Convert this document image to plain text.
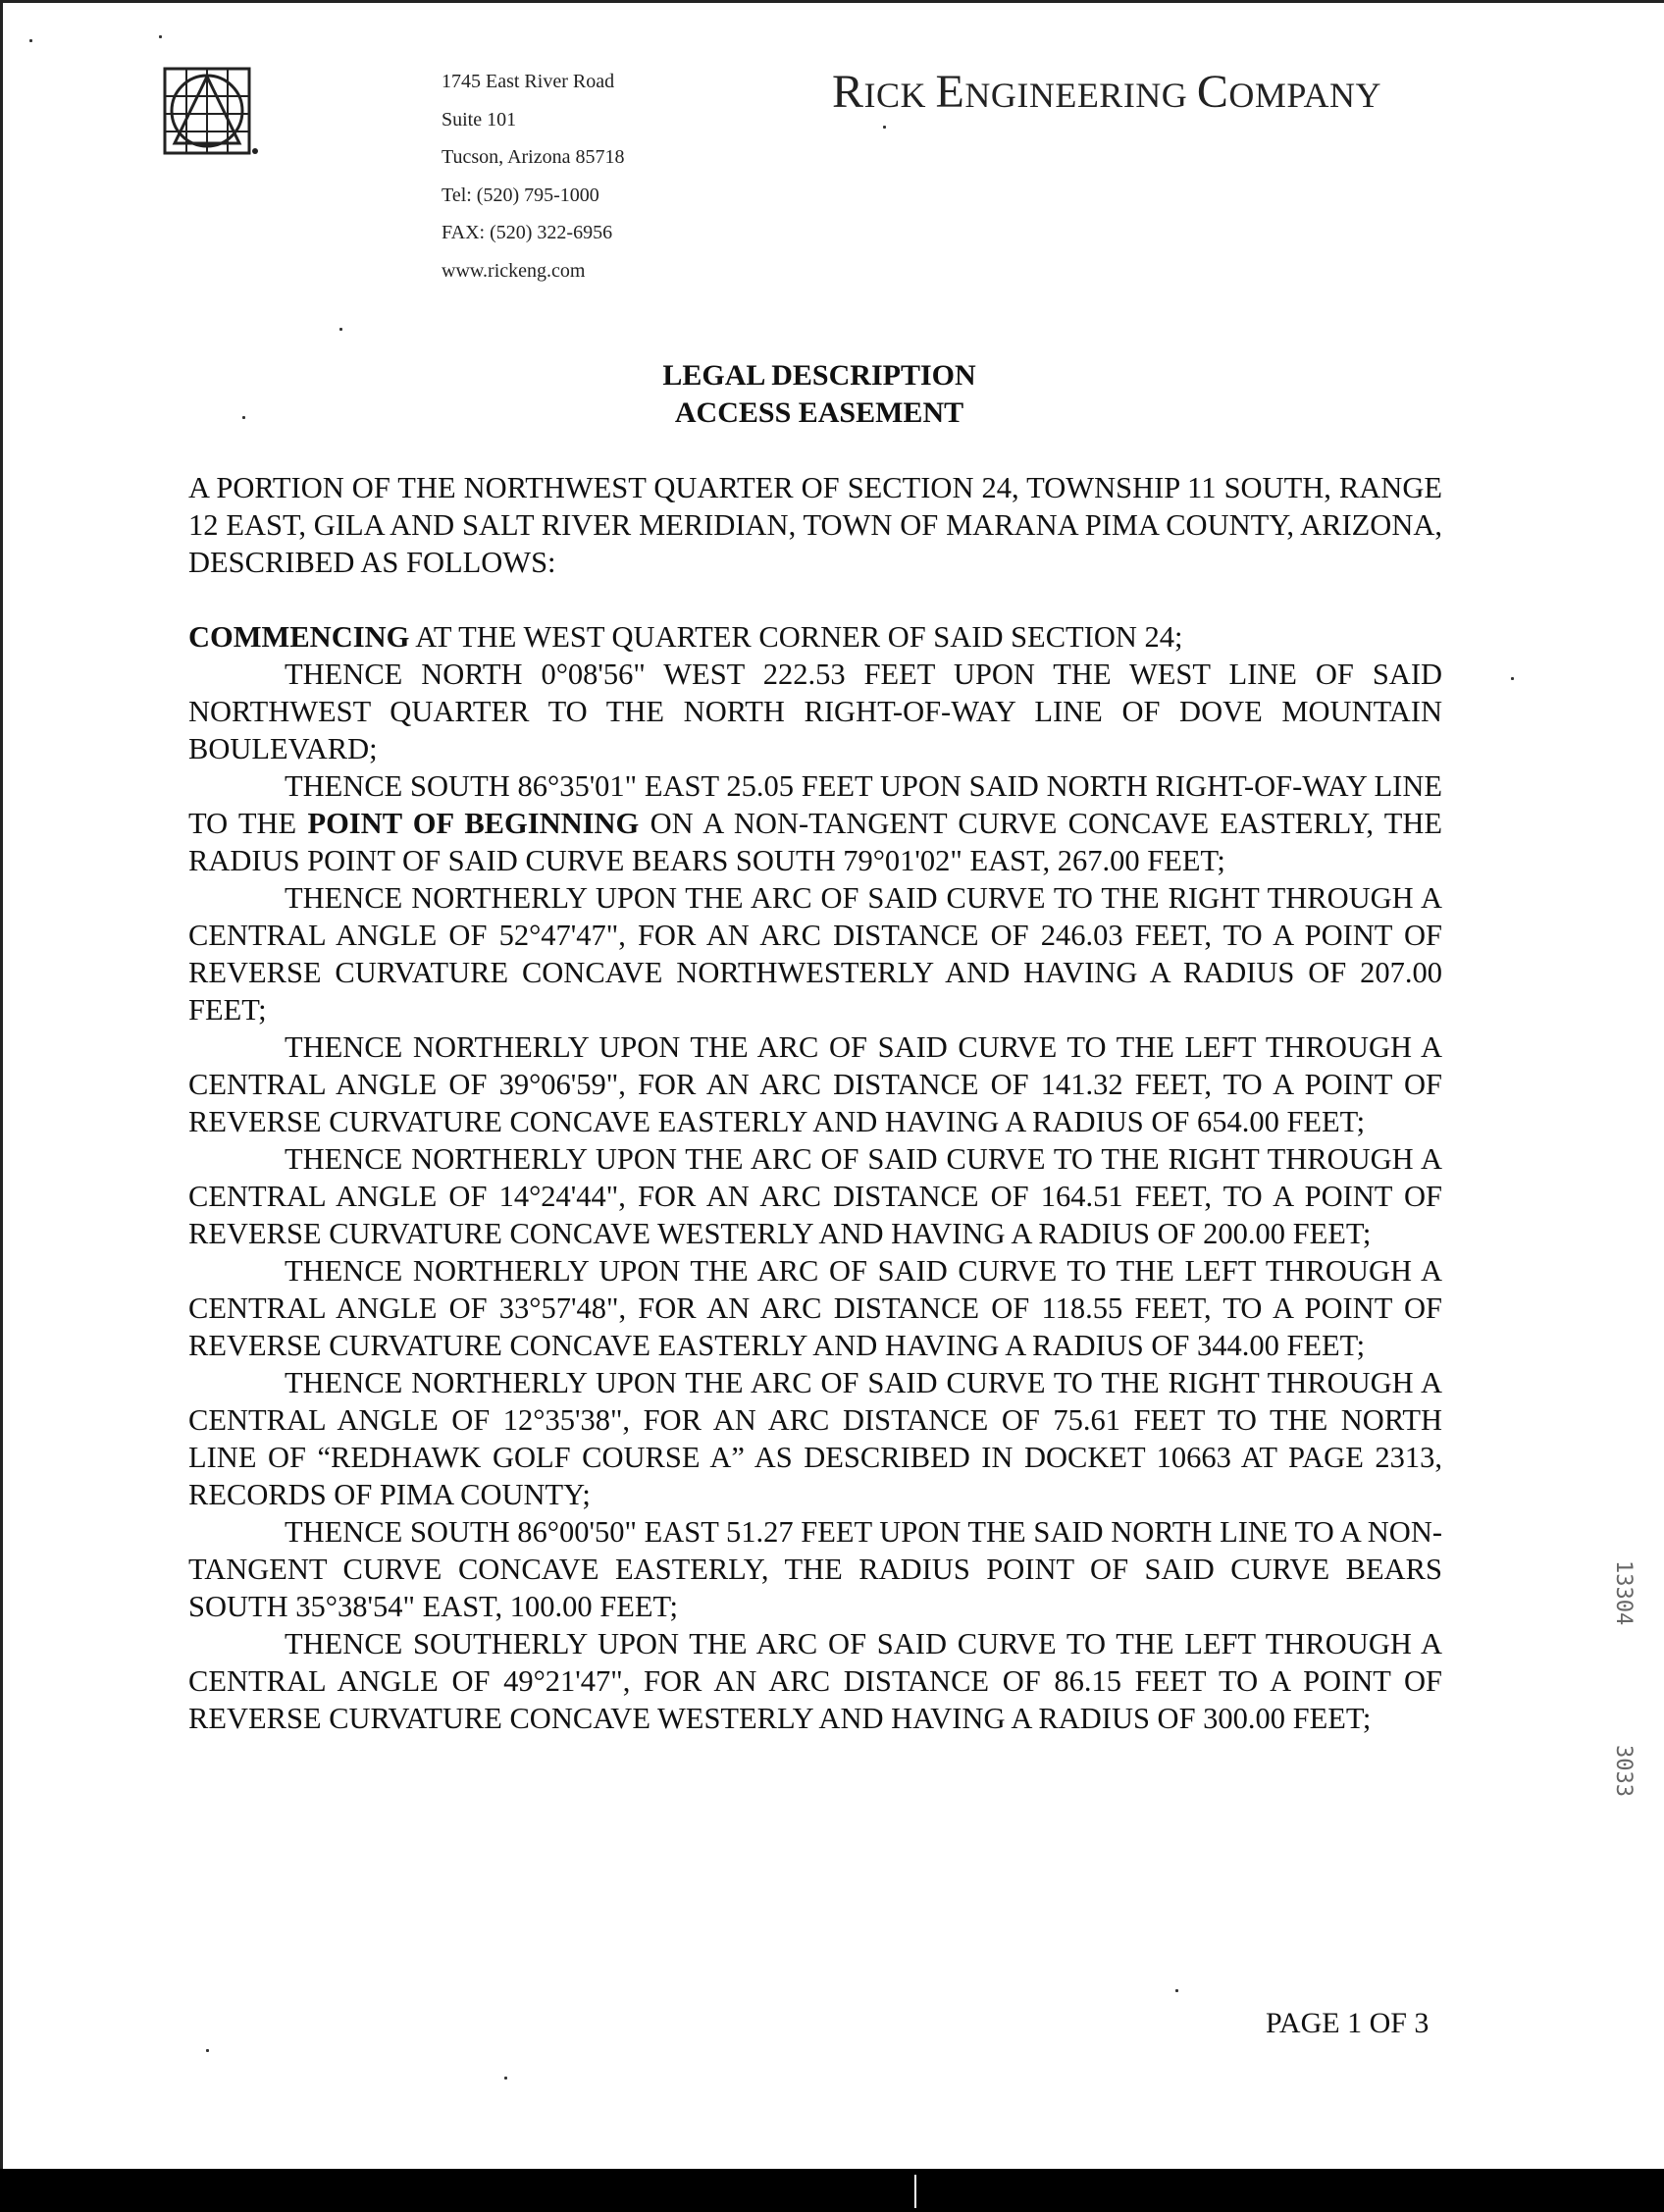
1745 East River Road
Suite 101
Tucson, Arizona 85718
Tel: (520) 795-1000
FAX: (520) 322-6956
www.rickeng.com
RICK ENGINEERING COMPANY
LEGAL DESCRIPTION
ACCESS EASEMENT

A PORTION OF THE NORTHWEST QUARTER OF SECTION 24, TOWNSHIP 11 SOUTH, RANGE 12 EAST, GILA AND SALT RIVER MERIDIAN, TOWN OF MARANA PIMA COUNTY, ARIZONA, DESCRIBED AS FOLLOWS:

COMMENCING AT THE WEST QUARTER CORNER OF SAID SECTION 24;

THENCE NORTH 0°08'56" WEST 222.53 FEET UPON THE WEST LINE OF SAID NORTHWEST QUARTER TO THE NORTH RIGHT-OF-WAY LINE OF DOVE MOUNTAIN BOULEVARD;

THENCE SOUTH 86°35'01" EAST 25.05 FEET UPON SAID NORTH RIGHT-OF-WAY LINE TO THE POINT OF BEGINNING ON A NON-TANGENT CURVE CONCAVE EASTERLY, THE RADIUS POINT OF SAID CURVE BEARS SOUTH 79°01'02" EAST, 267.00 FEET;

THENCE NORTHERLY UPON THE ARC OF SAID CURVE TO THE RIGHT THROUGH A CENTRAL ANGLE OF 52°47'47", FOR AN ARC DISTANCE OF 246.03 FEET, TO A POINT OF REVERSE CURVATURE CONCAVE NORTHWESTERLY AND HAVING A RADIUS OF 207.00 FEET;

THENCE NORTHERLY UPON THE ARC OF SAID CURVE TO THE LEFT THROUGH A CENTRAL ANGLE OF 39°06'59", FOR AN ARC DISTANCE OF 141.32 FEET, TO A POINT OF REVERSE CURVATURE CONCAVE EASTERLY AND HAVING A RADIUS OF 654.00 FEET;

THENCE NORTHERLY UPON THE ARC OF SAID CURVE TO THE RIGHT THROUGH A CENTRAL ANGLE OF 14°24'44", FOR AN ARC DISTANCE OF 164.51 FEET, TO A POINT OF REVERSE CURVATURE CONCAVE WESTERLY AND HAVING A RADIUS OF 200.00 FEET;

THENCE NORTHERLY UPON THE ARC OF SAID CURVE TO THE LEFT THROUGH A CENTRAL ANGLE OF 33°57'48", FOR AN ARC DISTANCE OF 118.55 FEET, TO A POINT OF REVERSE CURVATURE CONCAVE EASTERLY AND HAVING A RADIUS OF 344.00 FEET;

THENCE NORTHERLY UPON THE ARC OF SAID CURVE TO THE RIGHT THROUGH A CENTRAL ANGLE OF 12°35'38", FOR AN ARC DISTANCE OF 75.61 FEET TO THE NORTH LINE OF “REDHAWK GOLF COURSE A” AS DESCRIBED IN DOCKET 10663 AT PAGE 2313, RECORDS OF PIMA COUNTY;

THENCE SOUTH 86°00'50" EAST 51.27 FEET UPON THE SAID NORTH LINE TO A NON-TANGENT CURVE CONCAVE EASTERLY, THE RADIUS POINT OF SAID CURVE BEARS SOUTH 35°38'54" EAST, 100.00 FEET;

THENCE SOUTHERLY UPON THE ARC OF SAID CURVE TO THE LEFT THROUGH A CENTRAL ANGLE OF 49°21'47", FOR AN ARC DISTANCE OF 86.15 FEET TO A POINT OF REVERSE CURVATURE CONCAVE WESTERLY AND HAVING A RADIUS OF 300.00 FEET;

PAGE 1 OF 3
13304
3033
